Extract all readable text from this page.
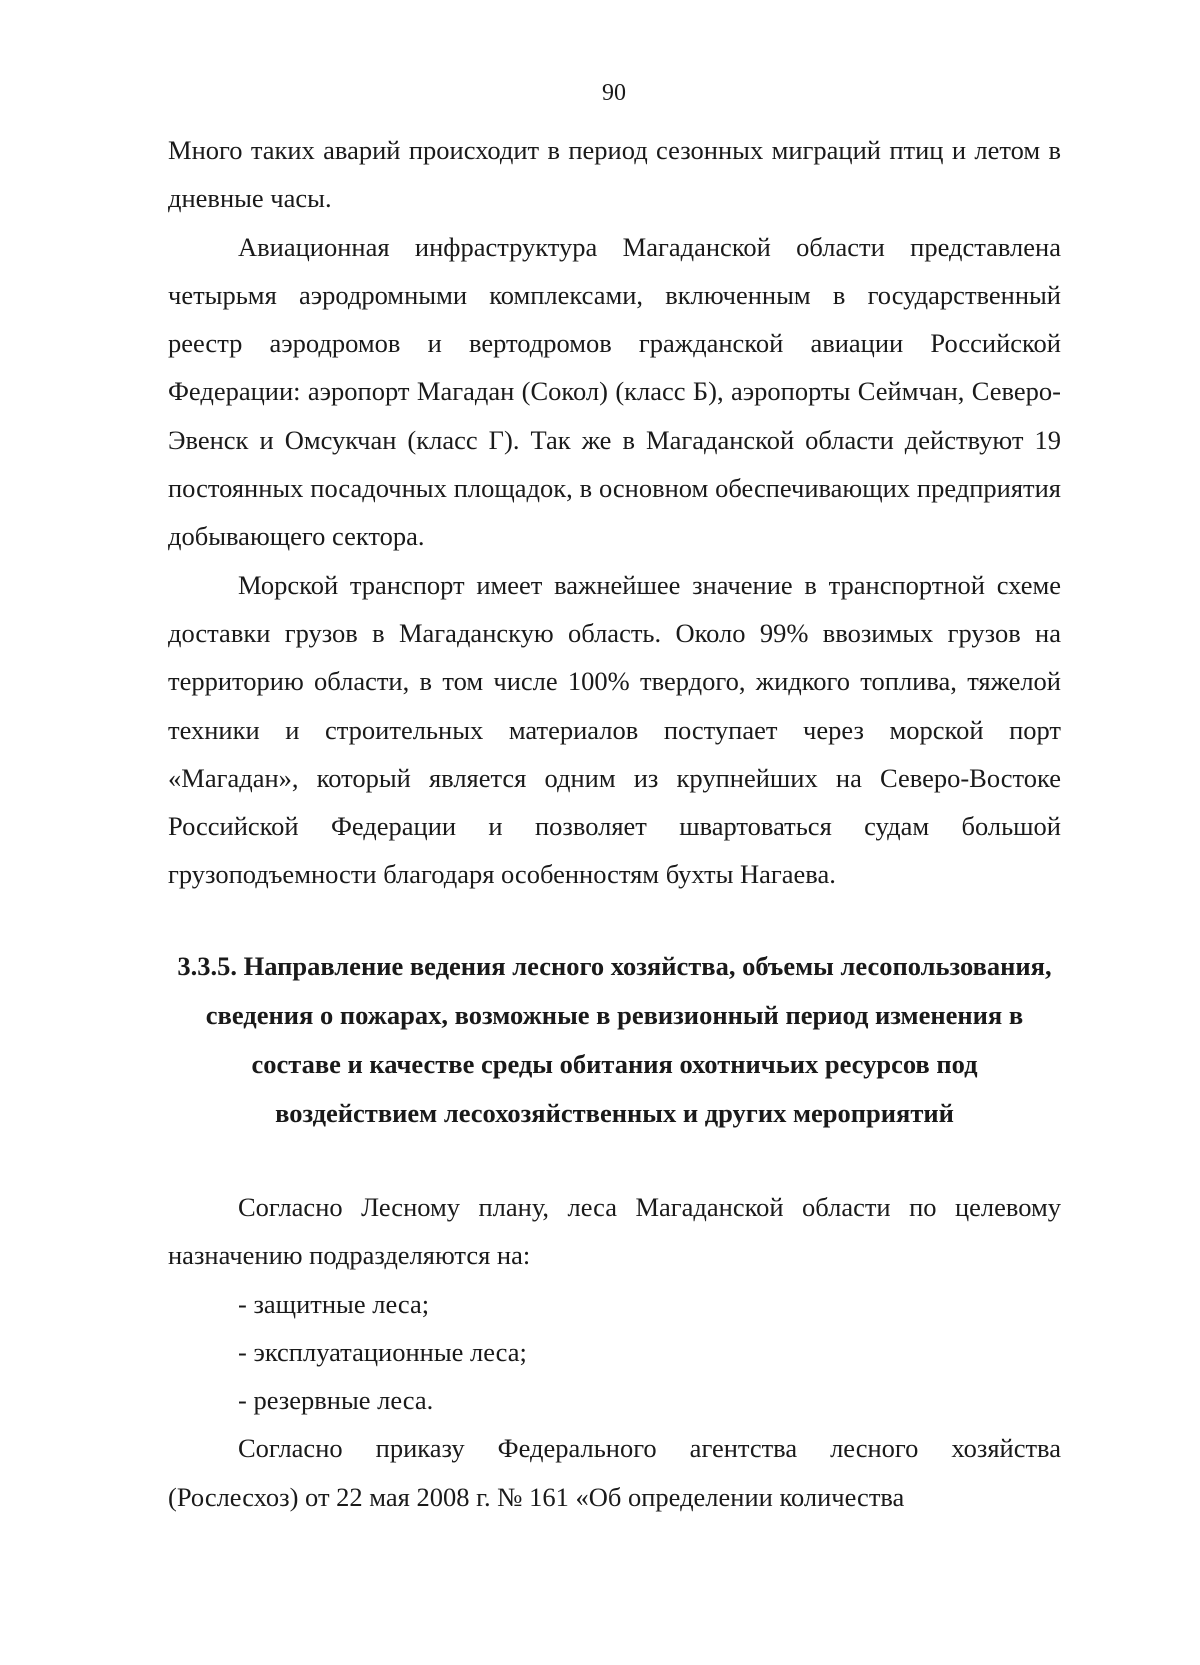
90

Много таких аварий происходит в период сезонных миграций птиц и летом в дневные часы.

Авиационная инфраструктура Магаданской области представлена четырьмя аэродромными комплексами, включенным в государственный реестр аэродромов и вертодромов гражданской авиации Российской Федерации: аэропорт Магадан (Сокол) (класс Б), аэропорты Сеймчан, Северо-Эвенск и Омсукчан (класс Г). Так же в Магаданской области действуют 19 постоянных посадочных площадок, в основном обеспечивающих предприятия добывающего сектора.

Морской транспорт имеет важнейшее значение в транспортной схеме доставки грузов в Магаданскую область. Около 99% ввозимых грузов на территорию области, в том числе 100% твердого, жидкого топлива, тяжелой техники и строительных материалов поступает через морской порт «Магадан», который является одним из крупнейших на Северо-Востоке Российской Федерации и позволяет швартоваться судам большой грузоподъемности благодаря особенностям бухты Нагаева.

3.3.5. Направление ведения лесного хозяйства, объемы лесопользования, сведения о пожарах, возможные в ревизионный период изменения в составе и качестве среды обитания охотничьих ресурсов под воздействием лесохозяйственных и других мероприятий

Согласно Лесному плану, леса Магаданской области по целевому назначению подразделяются на:

- защитные леса;

- эксплуатационные леса;

- резервные леса.

Согласно приказу Федерального агентства лесного хозяйства (Рослесхоз) от 22 мая 2008 г. № 161 «Об определении количества
